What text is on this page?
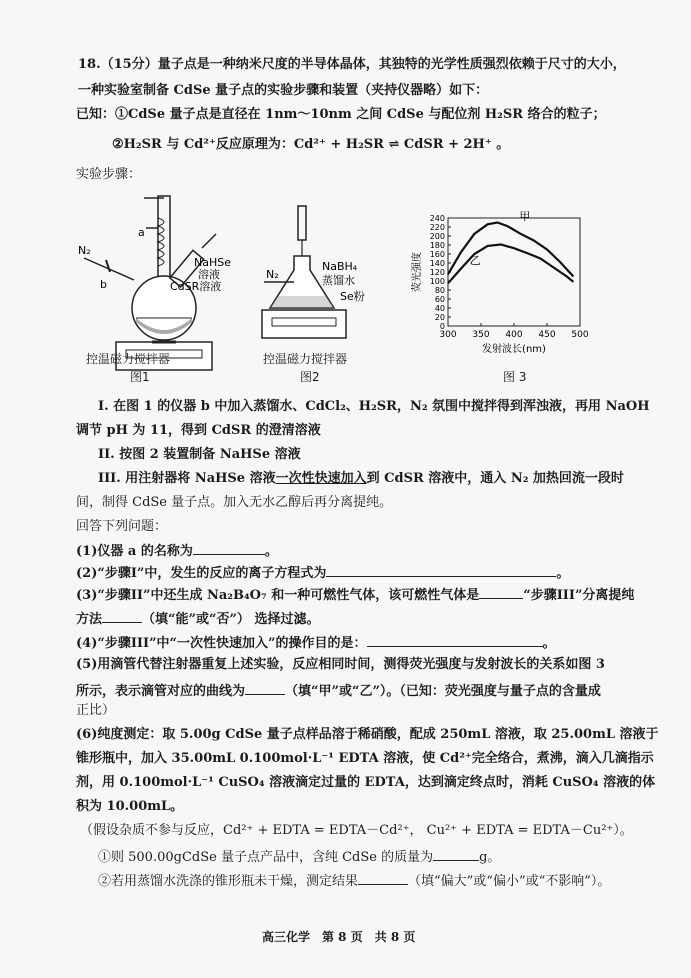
18.（15分）量子点是一种纳米尺度的半导体晶体，其独特的光学性质强烈依赖于尺寸的大小，
一种实验室制备 CdSe 量子点的实验步骤和装置（夹持仪器略）如下：
已知：①CdSe 量子点是直径在 1nm～10nm 之间 CdSe 与配位剂 H₂SR 络合的粒子；
②H₂SR 与 Cd²⁺反应原理为：Cd²⁺ + H₂SR ⇌ CdSR + 2H⁺ 。
实验步骤：
a
b
N₂
NaHSe
溶液
CdSR溶液
控温磁力搅拌器
图1
N₂
NaBH₄
蒸馏水
Se粉
控温磁力搅拌器
图2
0
20
40
60
80
100
120
140
160
180
200
220
240
300 350 400 450 500
发射波长(nm)
荧光强度
甲
乙
图 3
I. 在图 1 的仪器 b 中加入蒸馏水、CdCl₂、H₂SR，N₂ 氛围中搅拌得到浑浊液，再用 NaOH
调节 pH 为 11，得到 CdSR 的澄清溶液
II. 按图 2 装置制备 NaHSe 溶液
III. 用注射器将 NaHSe 溶液一次性快速加入到 CdSR 溶液中，通入 N₂ 加热回流一段时
间，制得 CdSe 量子点。加入无水乙醇后再分离提纯。
回答下列问题：
(1)仪器 a 的名称为	。
(2)“步骤I”中，发生的反应的离子方程式为	。
(3)“步骤II”中还生成 Na₂B₄O₇ 和一种可燃性气体，该可燃性气体是	“步骤III”分离提纯
方法	（填“能”或“否”） 选择过滤。
(4)“步骤III”中“一次性快速加入”的操作目的是：	。
(5)用滴管代替注射器重复上述实验，反应相同时间，测得荧光强度与发射波长的关系如图 3
所示，表示滴管对应的曲线为	（填“甲”或“乙”）。（已知：荧光强度与量子点的含量成
正比）
(6)纯度测定：取 5.00g CdSe 量子点样品溶于稀硝酸，配成 250mL 溶液，取 25.00mL 溶液于
锥形瓶中，加入 35.00mL 0.100mol·L⁻¹ EDTA 溶液，使 Cd²⁺完全络合，煮沸，滴入几滴指示
剂，用 0.100mol·L⁻¹ CuSO₄ 溶液滴定过量的 EDTA，达到滴定终点时，消耗 CuSO₄ 溶液的体
积为 10.00mL。
（假设杂质不参与反应，Cd²⁺ + EDTA = EDTA－Cd²⁺， Cu²⁺ + EDTA = EDTA－Cu²⁺）。
①则 500.00gCdSe 量子点产品中，含纯 CdSe 的质量为	g。
②若用蒸馏水洗涤的锥形瓶未干燥，测定结果	（填“偏大”或“偏小”或“不影响”）。
高三化学　第 8 页　共 8 页
